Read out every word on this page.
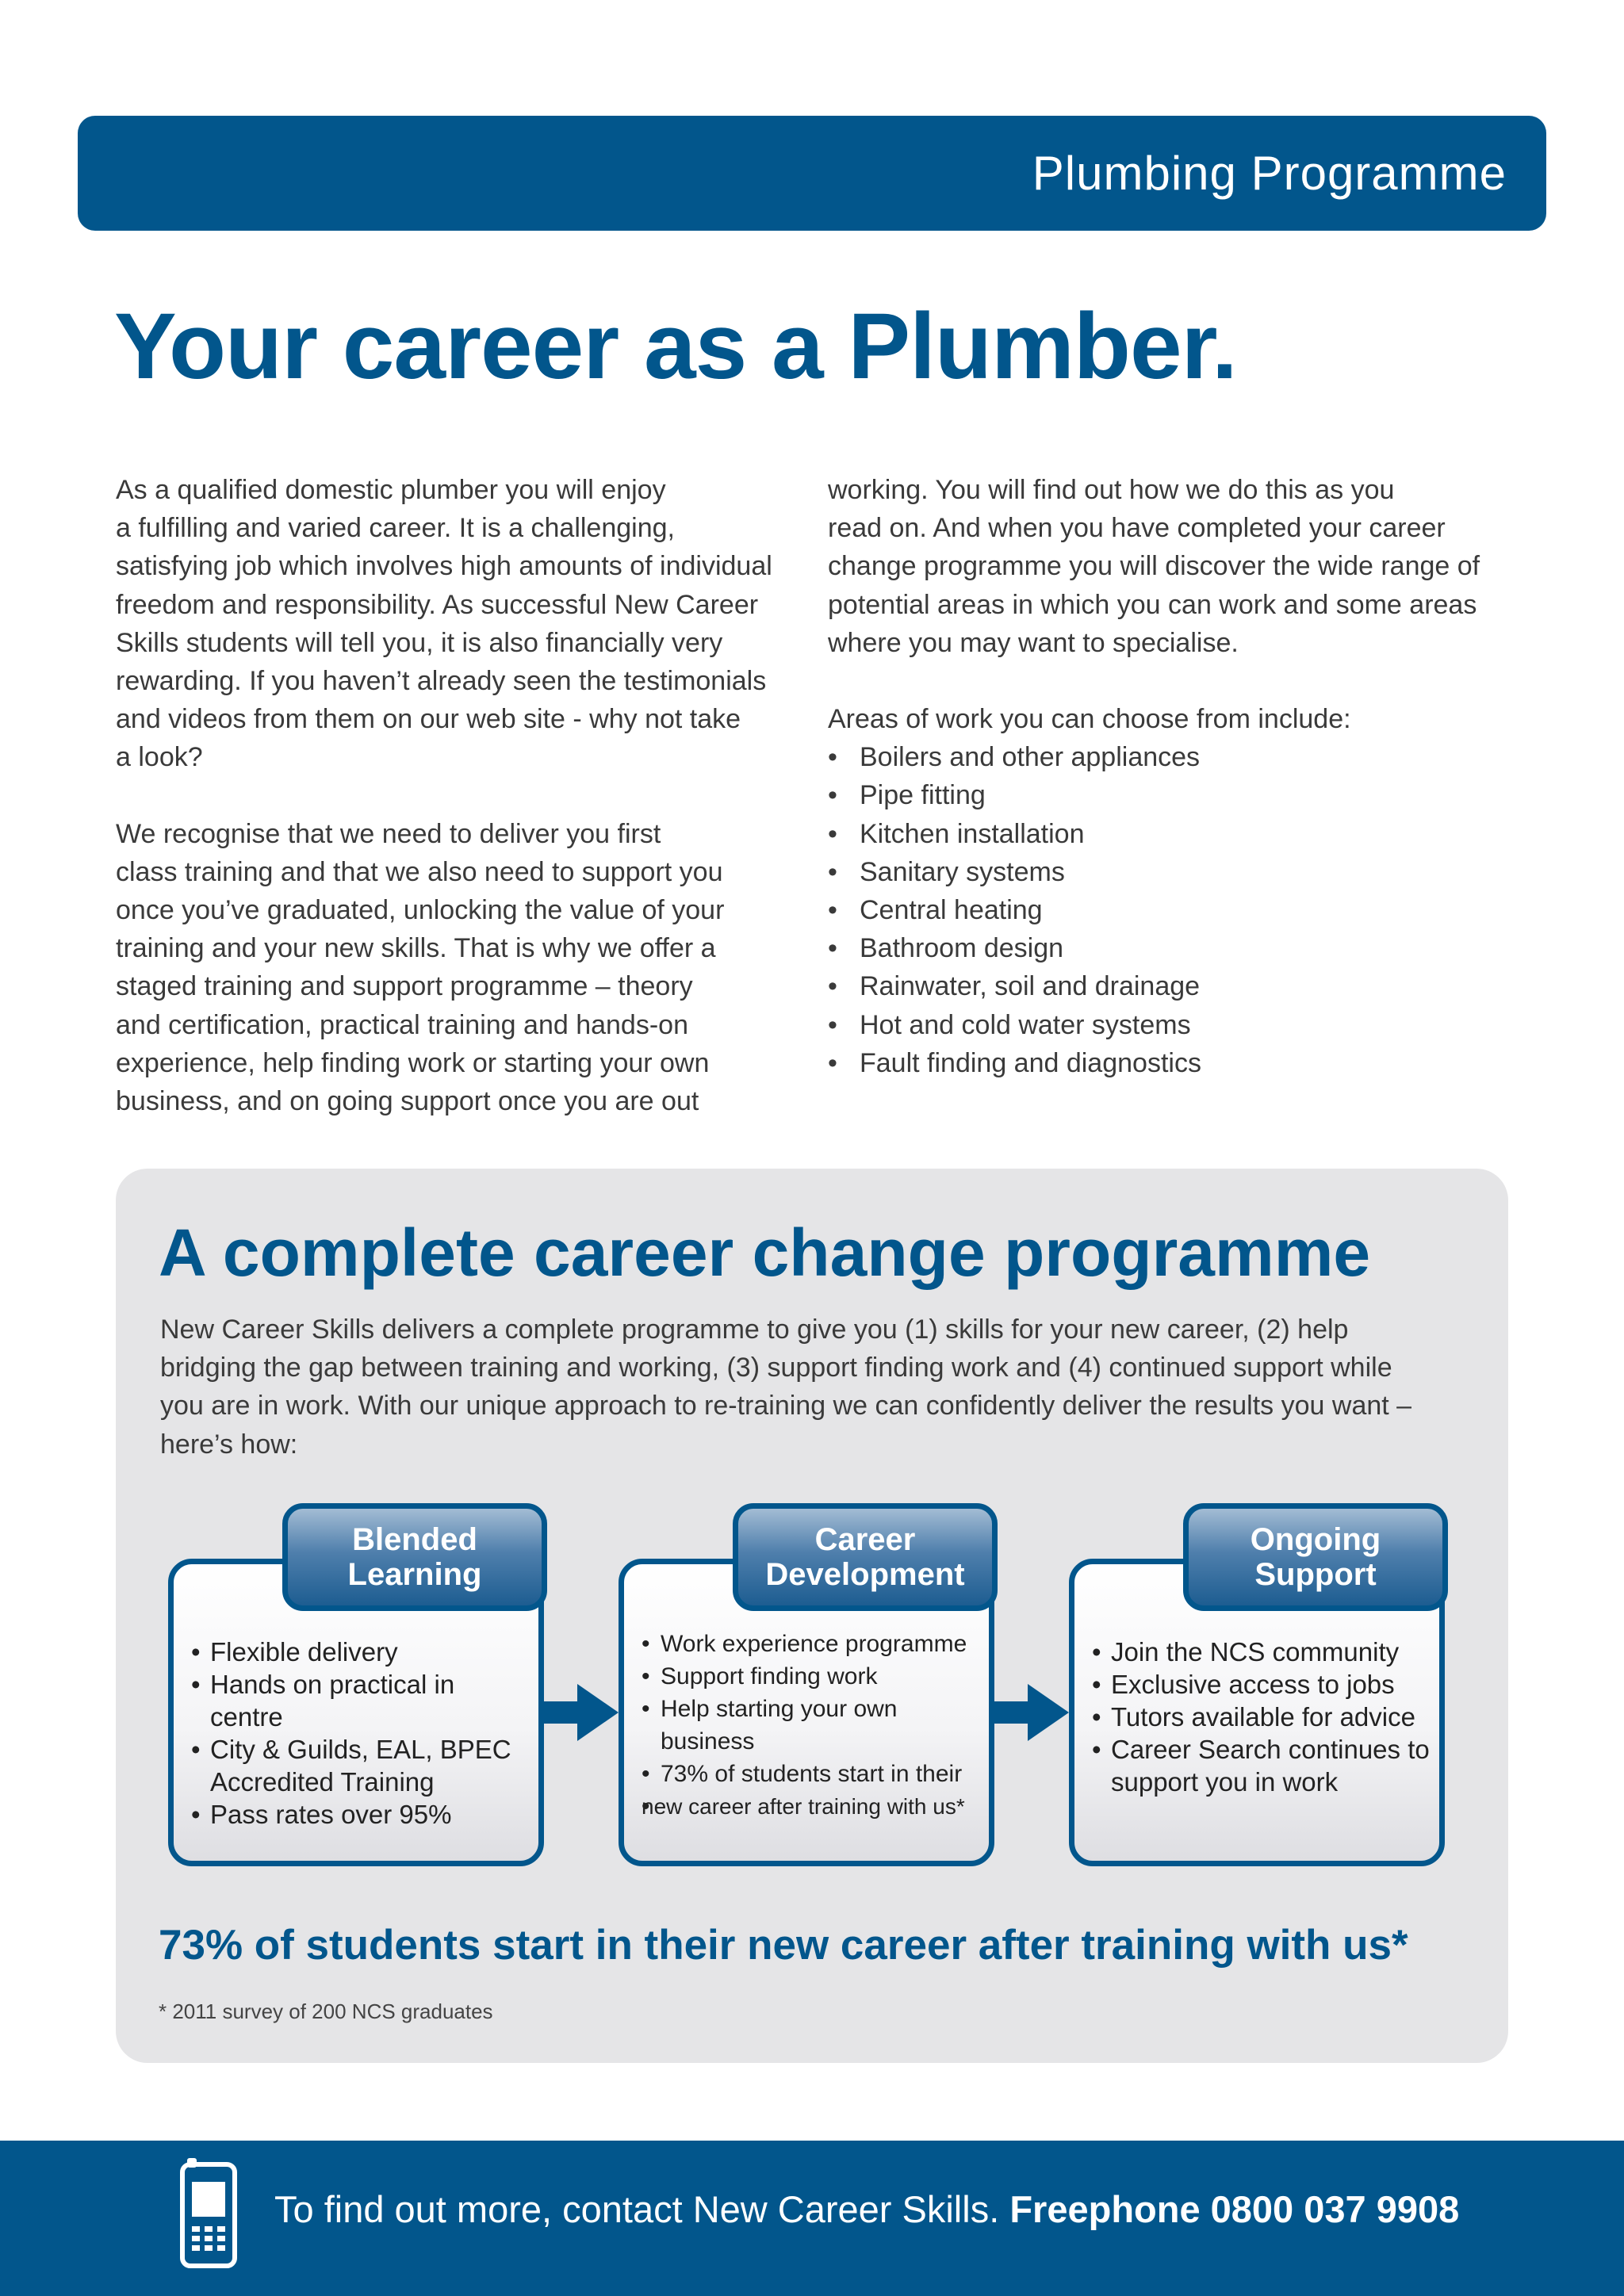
Plumbing Programme
Your career as a Plumber.

As a qualified domestic plumber you will enjoy
a fulfilling and varied career. It is a challenging,
satisfying job which involves high amounts of individual
freedom and responsibility. As successful New Career
Skills students will tell you, it is also financially very
rewarding. If you haven’t already seen the testimonials
and videos from them on our web site - why not take
a look?

We recognise that we need to deliver you first
class training and that we also need to support you
once you’ve graduated, unlocking the value of your
training and your new skills. That is why we offer a
staged training and support programme – theory
and certification, practical training and hands-on
experience, help finding work or starting your own
business, and on going support once you are out

working. You will find out how we do this as you
read on. And when you have completed your career
change programme you will discover the wide range of
potential areas in which you can work and some areas
where you may want to specialise.

Areas of work you can choose from include:

• Boilers and other appliances
• Pipe fitting
• Kitchen installation
• Sanitary systems
• Central heating
• Bathroom design
• Rainwater, soil and drainage
• Hot and cold water systems
• Fault finding and diagnostics
A complete career change programme

New Career Skills delivers a complete programme to give you (1) skills for your new career, (2) help
bridging the gap between training and working, (3) support finding work and (4) continued support while
you are in work. With our unique approach to re-training we can confidently deliver the results you want –
here’s how:

• Flexible delivery
• Hands on practical in centre
• City & Guilds, EAL, BPEC Accredited Training
• Pass rates over 95%
Blended
Learning
• Work experience programme
• Support finding work
• Help starting your own business
• 73% of students start in their
• new career after training with us*
Career
Development
• Join the NCS community
• Exclusive access to jobs
• Tutors available for advice
• Career Search continues to support you in work
Ongoing
Support

73% of students start in their new career after training with us*

* 2011 survey of 200 NCS graduates

To find out more, contact New Career Skills. Freephone 0800 037 9908
